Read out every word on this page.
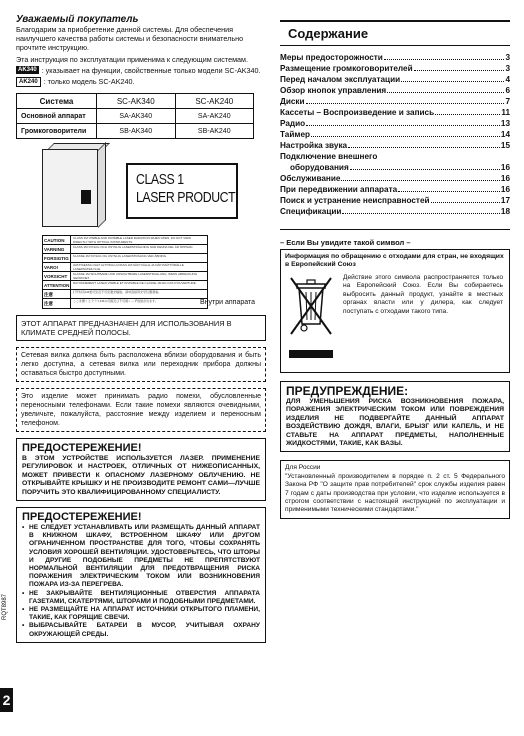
Уважаемый покупатель
Благодарим за приобретение данной системы. Для обеспечения наилучшего качества работы системы и безопасности внимательно прочтите инструкцию.
Эта инструкция по эксплуатации применима к следующим системам.
AK340 : указывает на функции, свойственные только модели SC-AK340.
AK240 : только модель SC-AK240.
Система	SC-AK340	SC-AK240
Основной аппарат	SA-AK340	SA-AK240
Громкоговорители	SB-AK340	SB-AK240
CLASS 1
LASER PRODUCT
CAUTION	CLASS 1M VISIBLE AND INVISIBLE LASER RADIATION WHEN OPEN. DO NOT VIEW DIRECTLY WITH OPTICAL INSTRUMENTS.
VARNING	KLASS 1M SYNLIG OCH OSYNLIG LASERSTRÅLNING NÄR DENNA DEL ÄR ÖPPNAD.
FORSIGTIG	KLASSE 1M SYNLIG OG USYNLIG LASERSTRÅLING VED ÅBNING.
VARO!	AVATTAESSA OLET ALTTIINA LUOKAN 1M NÄKYVÄLLE JA NÄKYMÄTTÖMÄLLE LASERSÄTEILYLLE.
VORSICHT	KLASSE 1M SICHTBARE UND UNSICHTBARE LASERSTRAHLUNG, WENN ABDECKUNG GEÖFFNET.
ATTENTION	RAYONNEMENT LASER VISIBLE ET INVISIBLE DE CLASSE 1M EN CAS D'OUVERTURE.
注意	打开时有1M类可见及不可见激光辐射。请勿直接用光学仪器观看。
注意	ここを開くとクラス1Mの可視及び不可視レーザ放射が出ます。	Внутри аппарата
ЭТОТ АППАРАТ ПРЕДНАЗНАЧЕН ДЛЯ ИСПОЛЬЗОВАНИЯ В КЛИМАТЕ СРЕДНЕЙ ПОЛОСЫ.
Сетевая вилка должна быть расположена вблизи оборудования и быть легко доступна, а сетевая вилка или переходник прибора должны оставаться быстро доступными.
Это изделие может принимать радио помехи, обусловленные переносными телефонами. Если такие помехи являются очевидными, увеличьте, пожалуйста, расстояние между изделием и переносным телефоном.
ПРЕДОСТЕРЕЖЕНИЕ!
В ЭТОМ УСТРОЙСТВЕ ИСПОЛЬЗУЕТСЯ ЛАЗЕР. ПРИМЕНЕНИЕ РЕГУЛИРОВОК И НАСТРОЕК, ОТЛИЧНЫХ ОТ НИЖЕОПИСАННЫХ, МОЖЕТ ПРИВЕСТИ К ОПАСНОМУ ЛАЗЕРНОМУ ОБЛУЧЕНИЮ. НЕ ОТКРЫВАЙТЕ КРЫШКУ И НЕ ПРОИЗВОДИТЕ РЕМОНТ САМИ—ЛУЧШЕ ПОРУЧИТЬ ЭТО КВАЛИФИЦИРОВАННОМУ СПЕЦИАЛИСТУ.
ПРЕДОСТЕРЕЖЕНИЕ!
• НЕ СЛЕДУЕТ УСТАНАВЛИВАТЬ ИЛИ РАЗМЕЩАТЬ ДАННЫЙ АППАРАТ В КНИЖНОМ ШКАФУ, ВСТРОЕННОМ ШКАФУ ИЛИ ДРУГОМ ОГРАНИЧЕННОМ ПРОСТРАНСТВЕ ДЛЯ ТОГО, ЧТОБЫ СОХРАНЯТЬ УСЛОВИЯ ХОРОШЕЙ ВЕНТИЛЯЦИИ. УДОСТОВЕРЬТЕСЬ, ЧТО ШТОРЫ И ДРУГИЕ ПОДОБНЫЕ ПРЕДМЕТЫ НЕ ПРЕПЯТСТВУЮТ НОРМАЛЬНОЙ ВЕНТИЛЯЦИИ ДЛЯ ПРЕДОТВРАЩЕНИЯ РИСКА ПОРАЖЕНИЯ ЭЛЕКТРИЧЕСКИМ ТОКОМ ИЛИ ВОЗНИКНОВЕНИЯ ПОЖАРА ИЗ-ЗА ПЕРЕГРЕВА.
• НЕ ЗАКРЫВАЙТЕ ВЕНТИЛЯЦИОННЫЕ ОТВЕРСТИЯ АППАРАТА ГАЗЕТАМИ, СКАТЕРТЯМИ, ШТОРАМИ И ПОДОБНЫМИ ПРЕДМЕТАМИ.
• НЕ РАЗМЕЩАЙТЕ НА АППАРАТ ИСТОЧНИКИ ОТКРЫТОГО ПЛАМЕНИ, ТАКИЕ, КАК ГОРЯЩИЕ СВЕЧИ.
• ВЫБРАСЫВАЙТЕ БАТАРЕИ В МУСОР, УЧИТЫВАЯ ОХРАНУ ОКРУЖАЮЩЕЙ СРЕДЫ.
Содержание
Меры предосторожности	3
Размещение громкоговорителей	3
Перед началом эксплуатации	4
Обзор кнопок управления	6
Диски	7
Кассеты – Воспроизведение и запись	11
Радио	13
Таймер	14
Настройка звука	15
Подключение внешнего
оборудования	16
Обслуживание	16
При передвижении аппарата	16
Поиск и устранение неисправностей	17
Спецификации	18
– Если Вы увидите такой символ –
Информация по обращению с отходами для стран, не входящих в Европейский Союз
Действие этого символа распространяется только на Европейский Союз. Если Вы собираетесь выбросить данный продукт, узнайте в местных органах власти или у дилера, как следует поступать с отходами такого типа.
ПРЕДУПРЕЖДЕНИЕ:
ДЛЯ УМЕНЬШЕНИЯ РИСКА ВОЗНИКНОВЕНИЯ ПОЖАРА, ПОРАЖЕНИЯ ЭЛЕКТРИЧЕСКИМ ТОКОМ ИЛИ ПОВРЕЖДЕНИЯ ИЗДЕЛИЯ НЕ ПОДВЕРГАЙТЕ ДАННЫЙ АППАРАТ ВОЗДЕЙСТВИЮ ДОЖДЯ, ВЛАГИ, БРЫЗГ ИЛИ КАПЕЛЬ, И НЕ СТАВЬТЕ НА АППАРАТ ПРЕДМЕТЫ, НАПОЛНЕННЫЕ ЖИДКОСТЯМИ, ТАКИЕ, КАК ВАЗЫ.
Для России
"Установленный производителем в порядке п. 2 ст. 5 Федерального Закона РФ "О защите прав потребителей" срок службы изделия равен 7 годам с даты производства при условии, что изделие используется в строгом соответствии с настоящей инструкцией по эксплуатации и применимыми техническими стандартами."
RQT8987
2
